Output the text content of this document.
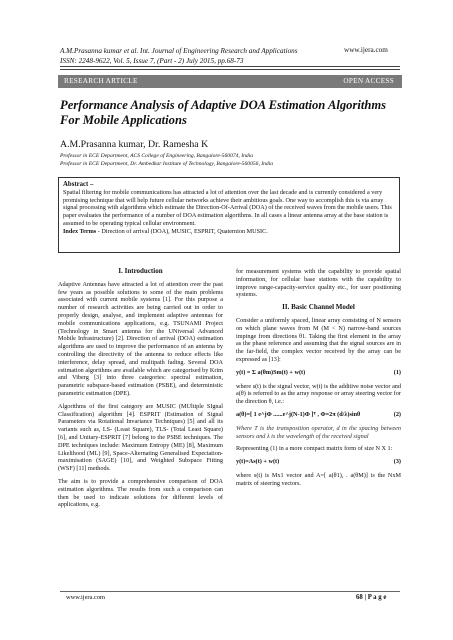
A.M.Prasanna kumar et al. Int. Journal of Engineering Research and Applications
ISSN: 2248-9622, Vol. 5, Issue 7, (Part - 2) July 2015, pp.68-73
www.ijera.com
RESEARCH ARTICLE	OPEN ACCESS
Performance Analysis of Adaptive DOA Estimation Algorithms For Mobile Applications
A.M.Prasanna kumar, Dr. Ramesha K
Professor in ECE Department, ACS College of Engineering, Bangalore-560074, India
Professor in ECE Department, Dr. Ambedkar Institute of Technology, Bangalore-560056, India
Abstract –
Spatial filtering for mobile communications has attracted a lot of attention over the last decade and is currently considered a very promising technique that will help future cellular networks achieve their ambitious goals. One way to accomplish this is via array signal processing with algorithms which estimate the Direction-Of-Arrival (DOA) of the received waves from the mobile users. This paper evaluates the performance of a number of DOA estimation algorithms. In all cases a linear antenna array at the base station is assumed to be operating typical cellular environment.
Index Terms - Direction of arrival (DOA), MUSIC, ESPRIT, Quaternion MUSIC.
I. Introduction

Adaptive Antennas have attracted a lot of attention over the past few years as possible solutions to some of the main problems associated with current mobile systems [1]. For this purpose a number of research activities are being carried out in order to properly design, analyse, and implement adaptive antennas for mobile communications applications, e.g. TSUNAMI Project (Technology in Smart antenna for the UNiversal Advanced Mobile Infrastructure) [2]. Direction of arrival (DOA) estimation algorithms are used to improve the performance of an antenna by controlling the directivity of the antenna to reduce effects like interference, delay spread, and multipath fading. Several DOA estimation algorithms are available which are categorised by Krim and Viberg [3] into three categories: spectral estimation, parametric subspace-based estimation (PSBE), and deterministic parametric estimation (DPE).

Algorithms of the first category are MUSIC (MUltiple SIgnal Classification) algorithm [4]. ESPRIT (Estimation of Signal Parameters via Rotational Invariance Techniques) [5] and all its variants such as, LS- (Least Square), TLS- (Total Least Square) [6], and Unitary-ESPRIT [7] belong to the PSBE techniques. The DPE techniques include: Maximum Entropy (ME) [8], Maximum Likelihood (ML) [9], Space-Alternating Generalised Expectation-maximisation (SAGE) [10], and Weighted Subspace Fitting (WSF) [11] methods.

The aim is to provide a comprehensive comparison of DOA estimation algorithms. The results from such a comparison can then be used to indicate solutions for different levels of applications, e.g.

for measurement systems with the capability to provide spatial information, for cellular base stations with the capability to improve range-capacity-service quality etc., for user positioning systems.

II. Basic Channel Model

Consider a uniformly spaced, linear array consisting of N sensors on which plane waves from M (M < N) narrow-band sources impinge from directions θ1. Taking the first element in the array as the phase reference and assuming that the signal sources are in the far-field, the complex vector received by the array can be expressed as [13]:

y(t) = Σ a(θm)Sm(t) + w(t)	(1)

where s(t) is the signal vector, w(t) is the additive noise vector and a(θ) is referred to as the array response or array steering vector for the direction θ, i.e.:

a(θ)=[ 1 e^jΦ ......e^j(N-1)Φ ]ᵀ , Φ=2π (d/λ)sinθ	(2)

Where T is the transposition operator, d in the spacing between sensors and λ is the wavelength of the received signal

Representing (1) in a more compact matrix form of size N X 1:

y(t)=As(t) + w(t)	(3)

where s(t) is Mx1 vector and A=[ a(θ1), . a(θM)] is the NxM matrix of steering vectors.

www.ijera.com	68 | P a g e
